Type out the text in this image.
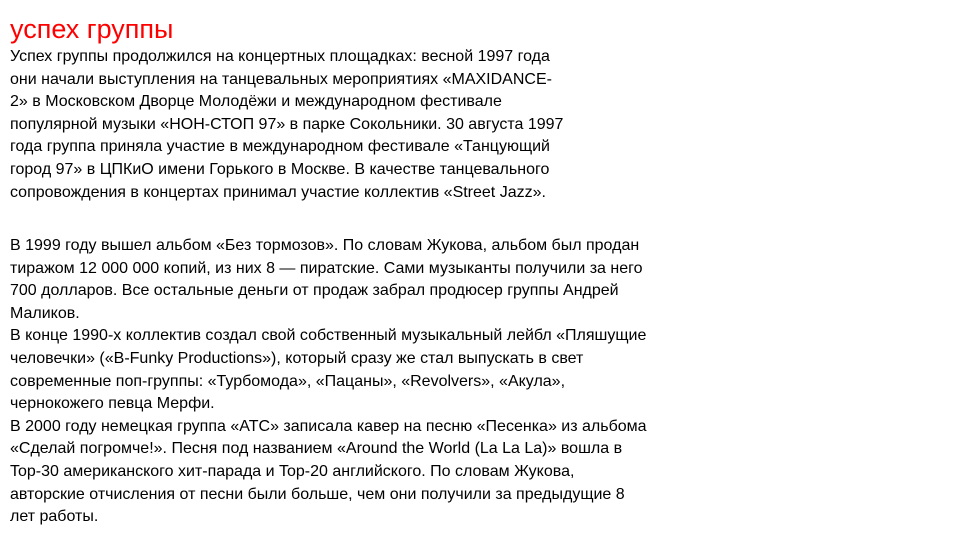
успех группы
Успех группы продолжился на концертных площадках: весной 1997 года
они начали выступления на танцевальных мероприятиях «MAXIDANCE-
2» в Московском Дворце Молодёжи и международном фестивале
популярной музыки «НОН-СТОП 97» в парке Сокольники. 30 августа 1997
года группа приняла участие в международном фестивале «Танцующий
город 97» в ЦПКиО имени Горького в Москве. В качестве танцевального
сопровождения в концертах принимал участие коллектив «Street Jazz».
В 1999 году вышел альбом «Без тормозов». По словам Жукова, альбом был продан
тиражом 12 000 000 копий, из них 8 — пиратские. Сами музыканты получили за него
700 долларов. Все остальные деньги от продаж забрал продюсер группы Андрей
Маликов.
В конце 1990-х коллектив создал свой собственный музыкальный лейбл «Пляшущие
человечки» («B-Funky Productions»), который сразу же стал выпускать в свет
современные поп-группы: «Турбомода», «Пацаны», «Revolvers», «Акула»,
чернокожего певца Мерфи.
В 2000 году немецкая группа «ATC» записала кавер на песню «Песенка» из альбома
«Сделай погромче!». Песня под названием «Around the World (La La La)» вошла в
Top-30 американского хит-парада и Top-20 английского. По словам Жукова,
авторские отчисления от песни были больше, чем они получили за предыдущие 8
лет работы.
